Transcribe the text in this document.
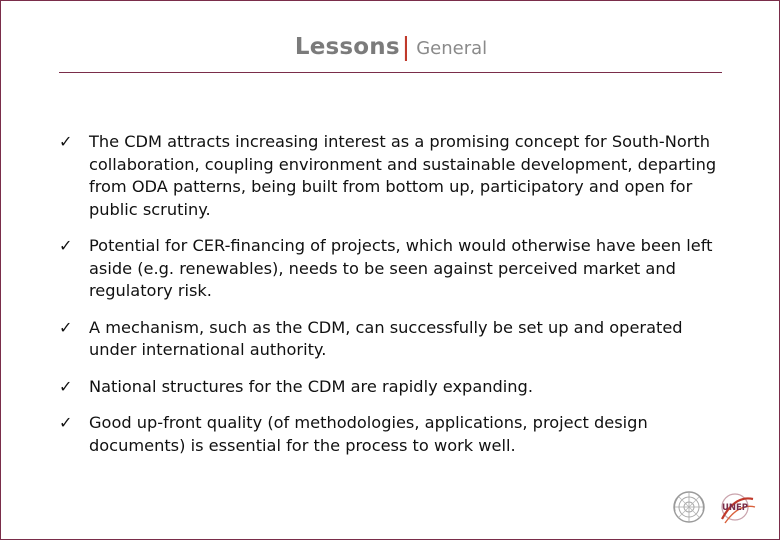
Lessons| General
✓ The CDM attracts increasing interest as a promising concept for South-North collaboration, coupling environment and sustainable development, departing from ODA patterns, being built from bottom up, participatory and open for public scrutiny.
✓ Potential for CER-financing of projects, which would otherwise have been left aside (e.g. renewables), needs to be seen against perceived market and regulatory risk.
✓ A mechanism, such as the CDM, can successfully be set up and operated under international authority.
✓ National structures for the CDM are rapidly expanding.
✓ Good up-front quality (of methodologies, applications, project design documents) is essential for the process to work well.
UNEP
